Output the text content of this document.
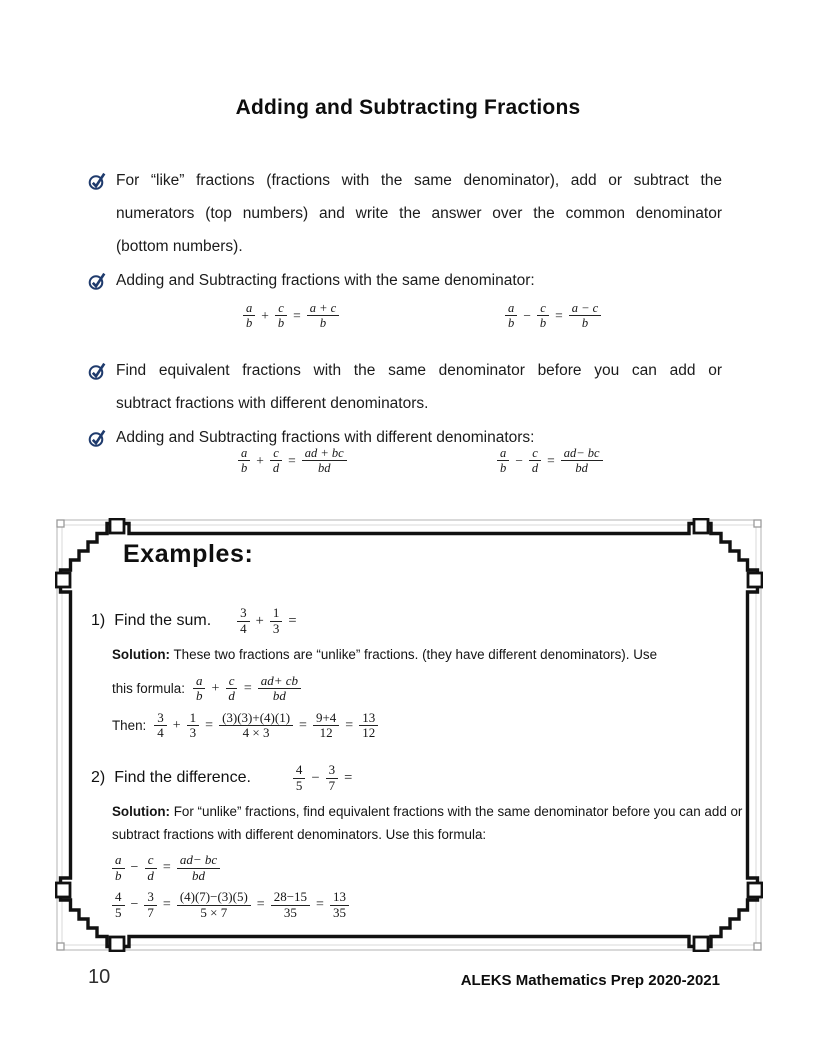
Adding and Subtracting Fractions
For “like” fractions (fractions with the same denominator), add or subtract the
numerators (top numbers) and write the answer over the common denominator
(bottom numbers).
Adding and Subtracting fractions with the same denominator:
$\frac{a}{b} + \frac{c}{b} = \frac{a + c}{b}$	$\frac{a}{b} - \frac{c}{b} = \frac{a - c}{b}$
Find equivalent fractions with the same denominator before you can add or
subtract fractions with different denominators.
Adding and Subtracting fractions with different denominators:
$\frac{a}{b} + \frac{c}{d} = \frac{ad + bc}{bd}$	$\frac{a}{b} - \frac{c}{d} = \frac{ad- bc}{bd}$
Examples:
1) Find the sum. $\frac{3}{4} + \frac{1}{3}$ =
Solution: These two fractions are “unlike” fractions. (they have different denominators). Use
this formula: $\frac{a}{b} + \frac{c}{d} = \frac{ad+ cb}{bd}$
Then: $\frac{3}{4} + \frac{1}{3} = \frac{(3)(3)+(4)(1)}{4 \times 3} = \frac{9+4}{12} = \frac{13}{12}$
2) Find the difference.	$\frac{4}{5} - \frac{3}{7}$ =
Solution: For “unlike” fractions, find equivalent fractions with the same denominator before you can add or subtract fractions with different denominators. Use this formula:
$\frac{a}{b} - \frac{c}{d} = \frac{ad- bc}{bd}$
$\frac{4}{5} - \frac{3}{7} = \frac{(4)(7)-(3)(5)}{5 \times 7} = \frac{28-15}{35} = \frac{13}{35}$
10	ALEKS Mathematics Prep 2020-2021
